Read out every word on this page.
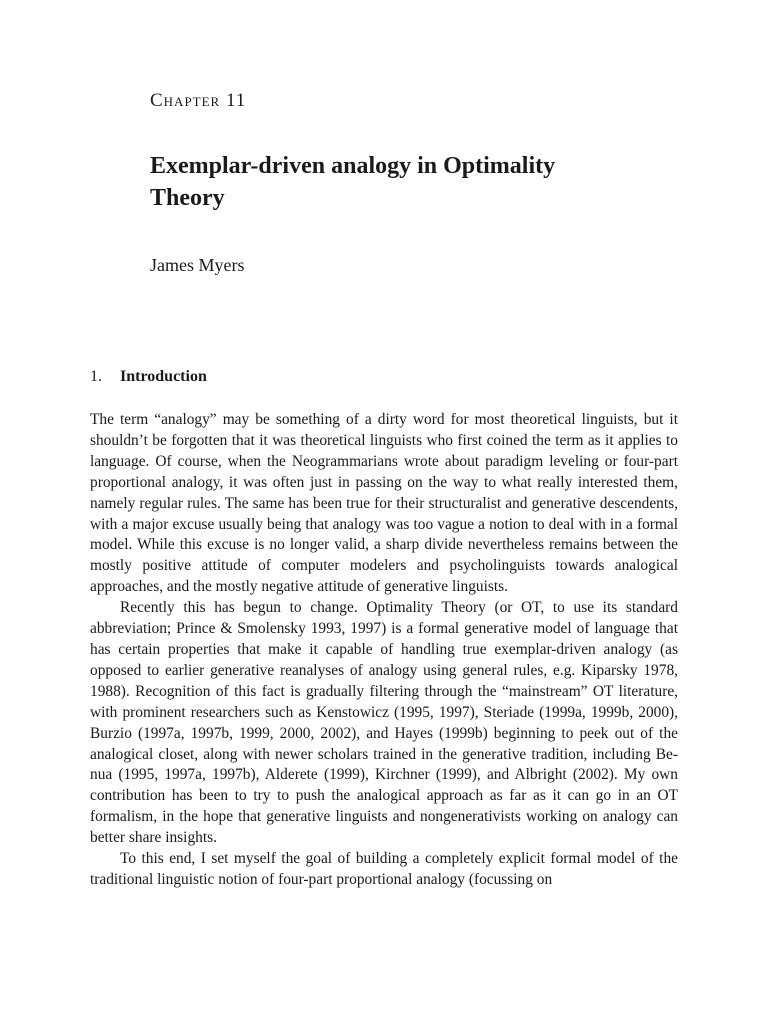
Chapter 11
Exemplar-driven analogy in Optimality Theory
James Myers
1. Introduction

The term “analogy” may be something of a dirty word for most theoretical linguists, but it shouldn’t be forgotten that it was theoretical linguists who first coined the term as it applies to language. Of course, when the Neogrammarians wrote about paradigm leveling or four-part proportional analogy, it was often just in passing on the way to what really interested them, namely regular rules. The same has been true for their structuralist and generative descendents, with a major excuse usually being that analogy was too vague a notion to deal with in a formal model. While this excuse is no longer valid, a sharp divide nevertheless remains between the mostly positive attitude of computer modelers and psycholinguists towards analogical approaches, and the mostly negative attitude of generative linguists.

Recently this has begun to change. Optimality Theory (or OT, to use its standard abbreviation; Prince & Smolensky 1993, 1997) is a formal generative model of language that has certain properties that make it capable of handling true exemplar-driven analogy (as opposed to earlier generative reanalyses of analogy using general rules, e.g. Kiparsky 1978, 1988). Recognition of this fact is gradually filtering through the “mainstream” OT literature, with prominent researchers such as Kenstowicz (1995, 1997), Steriade (1999a, 1999b, 2000), Burzio (1997a, 1997b, 1999, 2000, 2002), and Hayes (1999b) beginning to peek out of the analogical closet, along with newer scholars trained in the generative tradition, including Benua (1995, 1997a, 1997b), Alderete (1999), Kirchner (1999), and Albright (2002). My own contribution has been to try to push the analogical approach as far as it can go in an OT formalism, in the hope that generative linguists and nongenerativists working on analogy can better share insights.

To this end, I set myself the goal of building a completely explicit formal model of the traditional linguistic notion of four-part proportional analogy (focussing on
